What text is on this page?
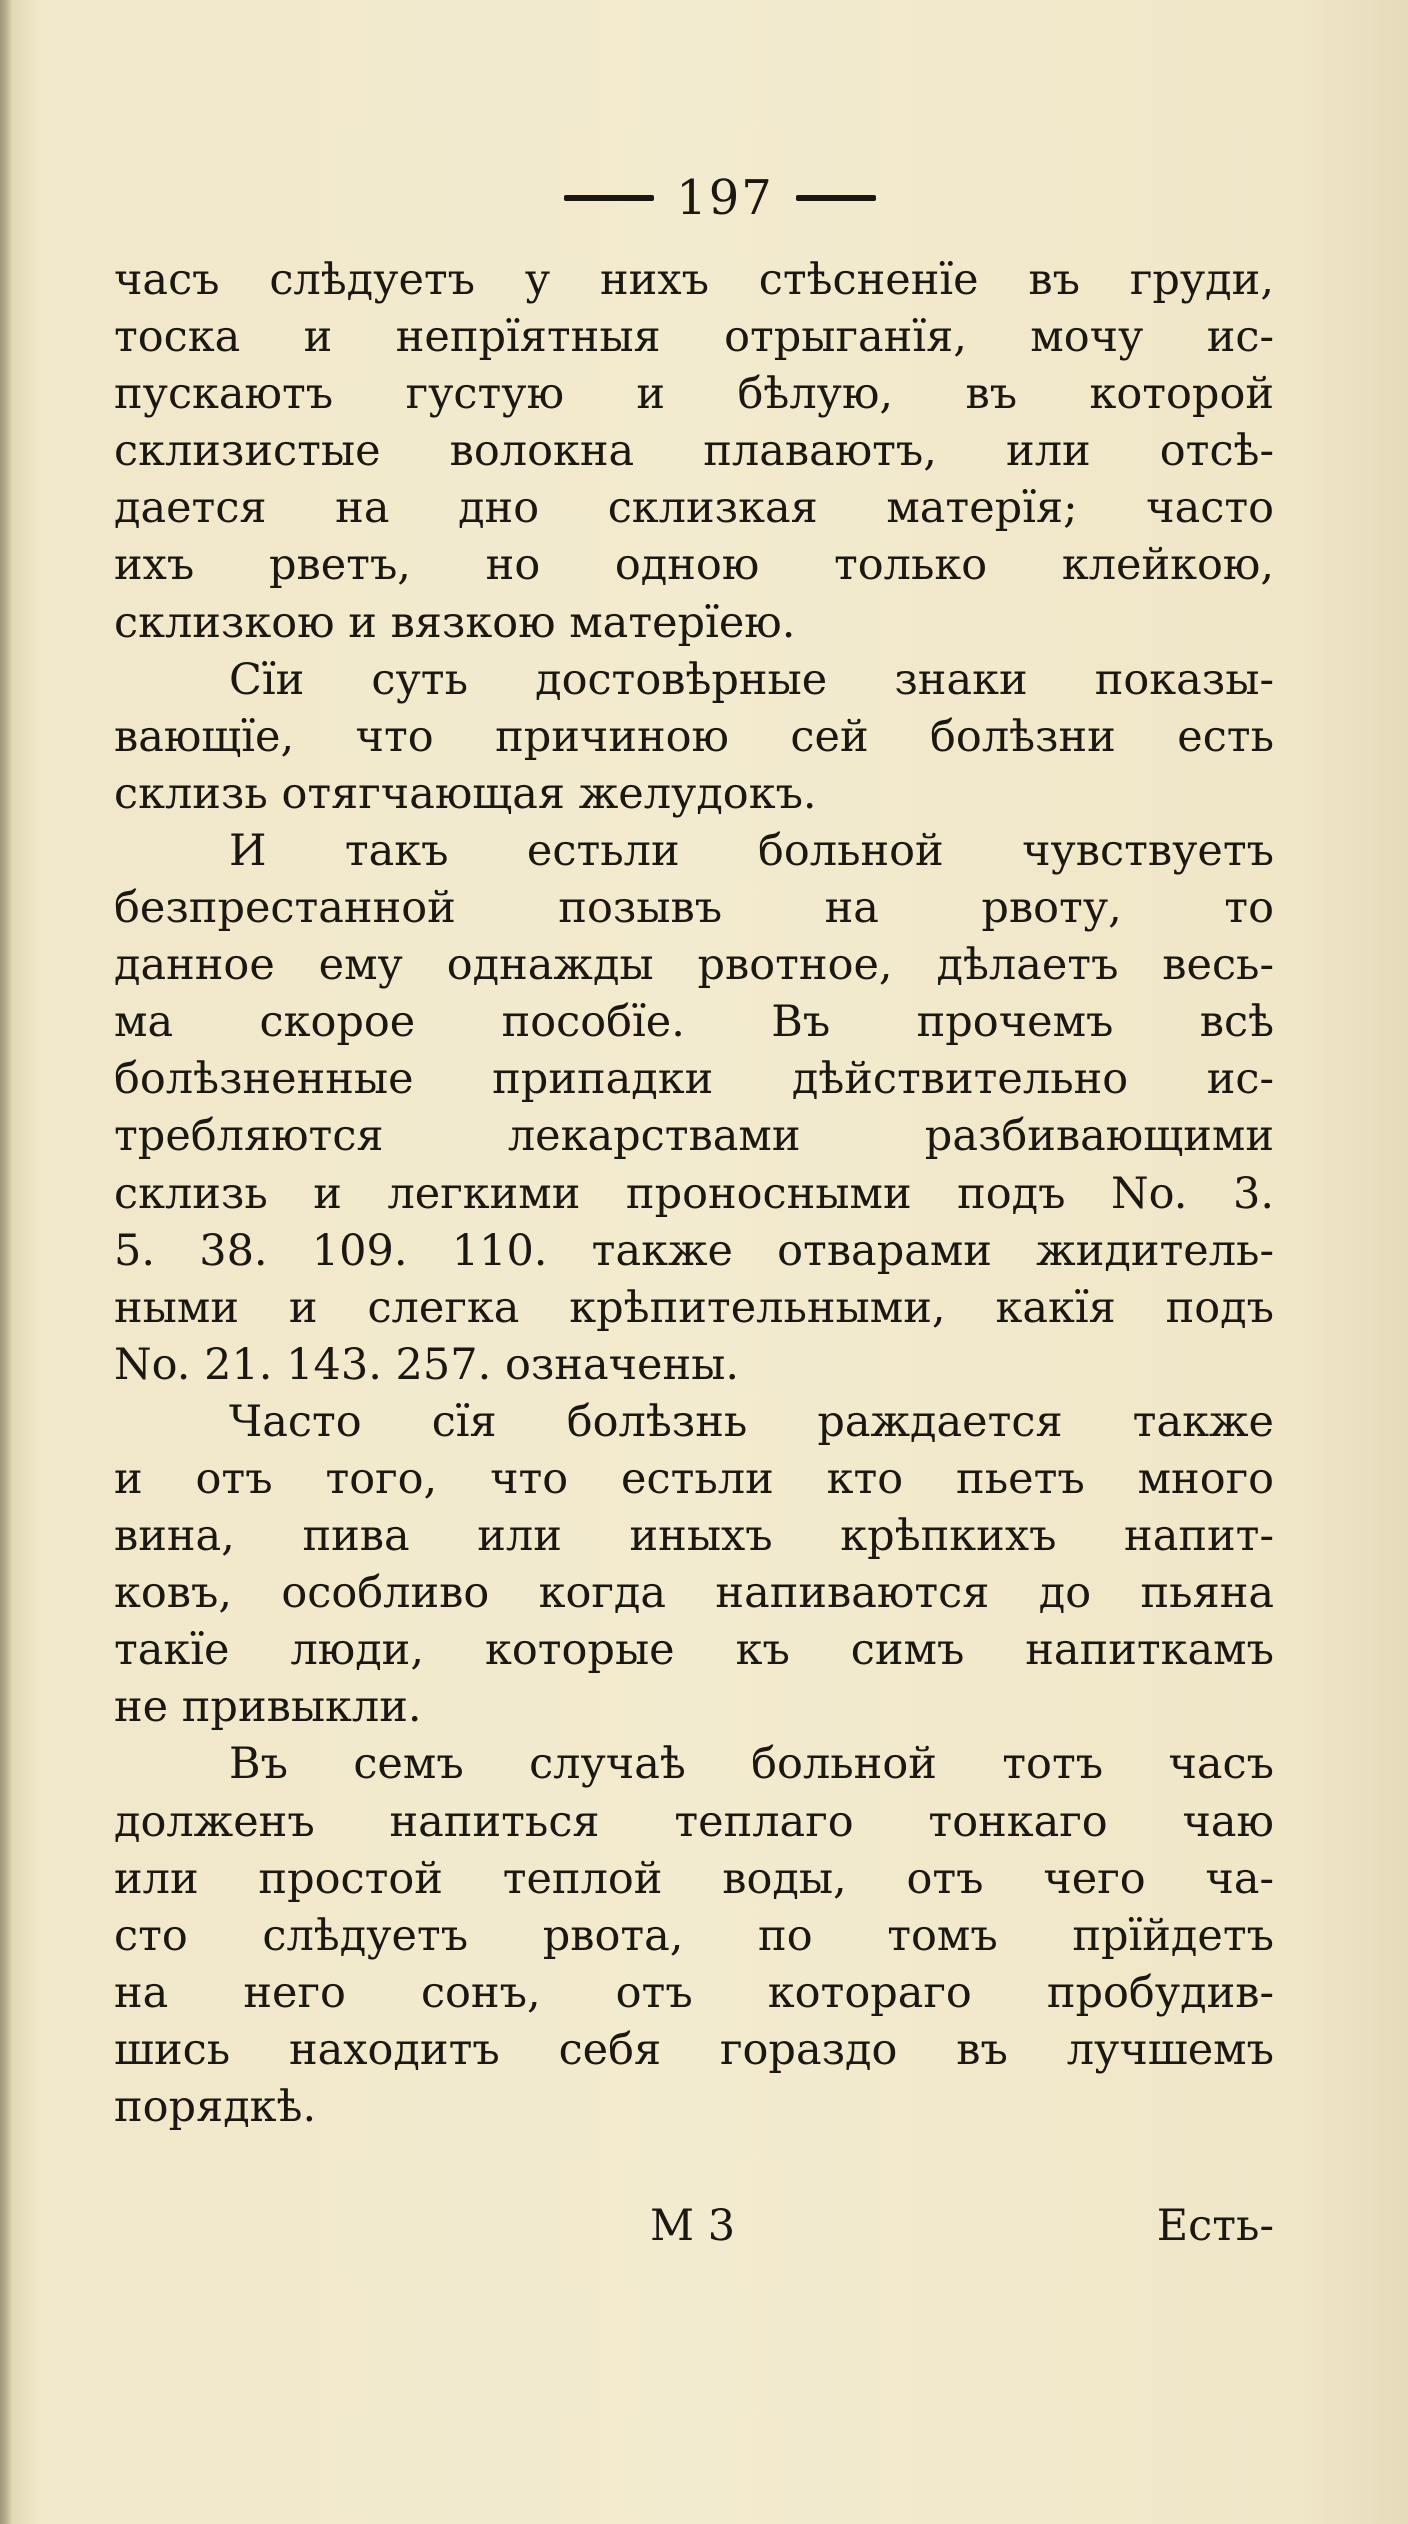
197
часъ слѣдуетъ у нихъ стѣсненїе въ груди,
тоска и непрїятныя отрыганїя, мочу ис-
пускаютъ густую и бѣлую, въ которой
склизистые волокна плаваютъ, или отсѣ-
дается на дно склизкая матерїя; часто
ихъ рветъ, но одною только клейкою,
склизкою и вязкою матерїею.
Сїи суть достовѣрные знаки показы-
вающїе, что причиною сей болѣзни есть
склизь отягчающая желудокъ.
И такъ естьли больной чувствуетъ
безпрестанной позывъ на рвоту, то
данное ему однажды рвотное, дѣлаетъ весь-
ма скорое пособїе. Въ прочемъ всѣ
болѣзненные припадки дѣйствительно ис-
требляются лекарствами разбивающими
склизь и легкими проносными подъ No. 3.
5. 38. 109. 110. также отварами жидитель-
ными и слегка крѣпительными, какїя подъ
No. 21. 143. 257. означены.
Часто сїя болѣзнь раждается также
и отъ того, что естьли кто пьетъ много
вина, пива или иныхъ крѣпкихъ напит-
ковъ, особливо когда напиваются до пьяна
такїе люди, которые къ симъ напиткамъ
не привыкли.
Въ семъ случаѣ больной тотъ часъ
долженъ напиться теплаго тонкаго чаю
или простой теплой воды, отъ чего ча-
сто слѣдуетъ рвота, по томъ прїйдетъ
на него сонъ, отъ котораго пробудив-
шись находитъ себя гораздо въ лучшемъ
порядкѣ.
M 3	Есть-
